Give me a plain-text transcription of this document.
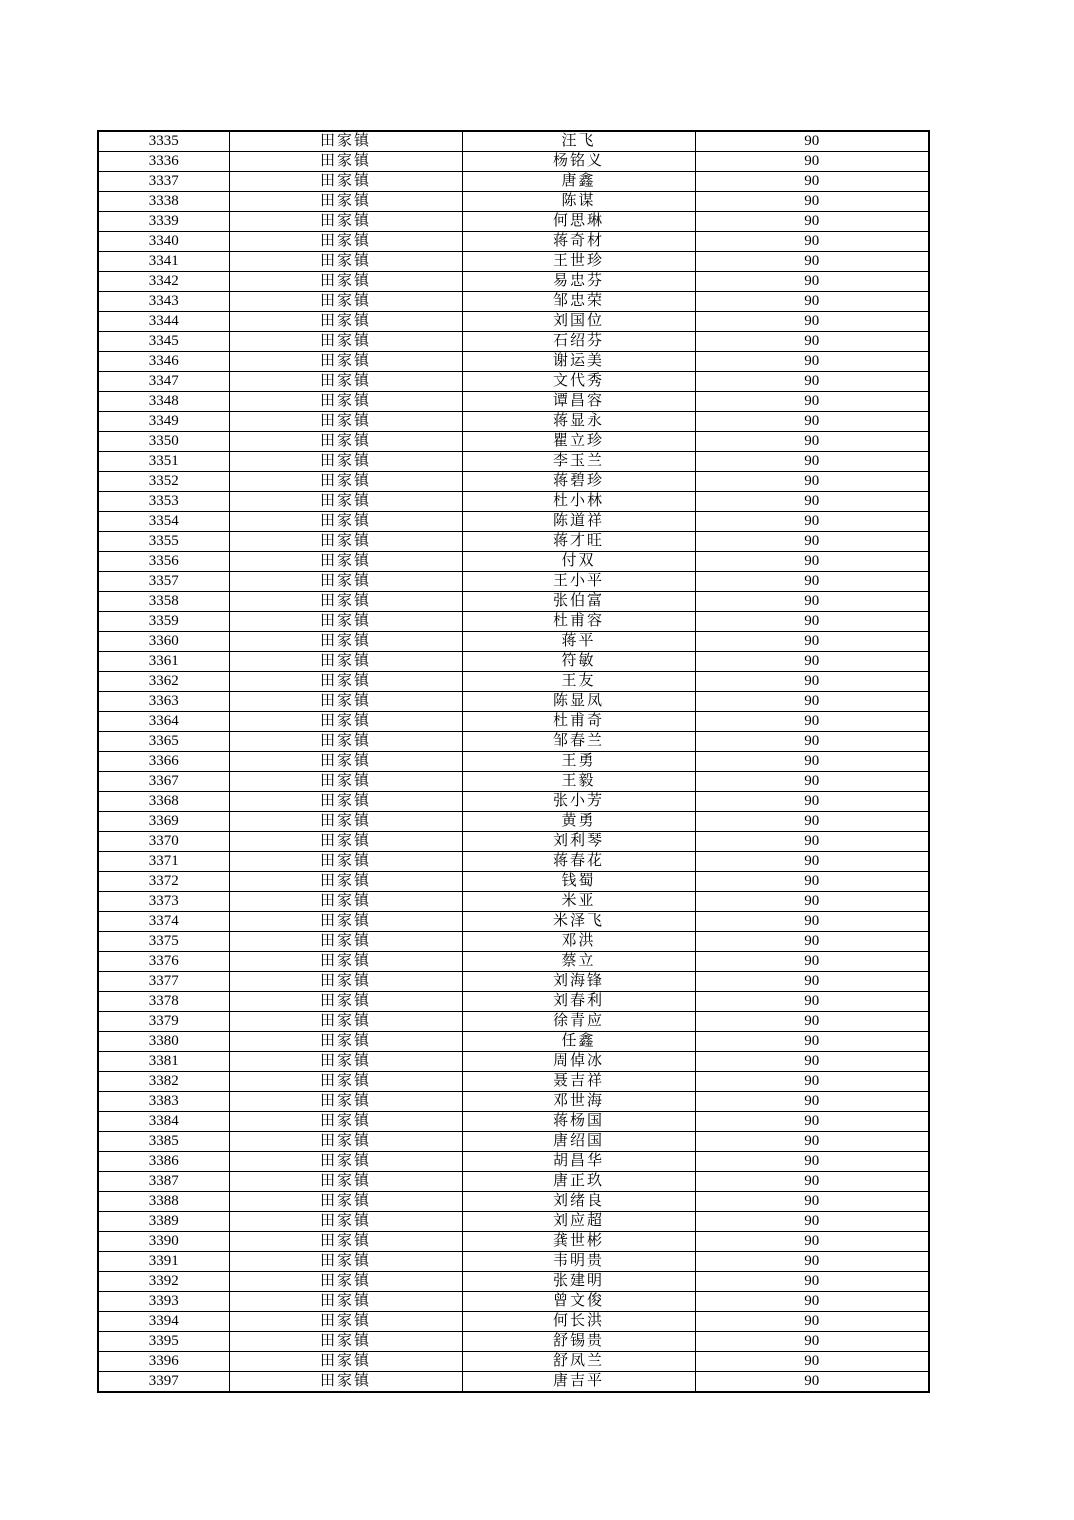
3335	田家镇	汪飞	90
3336	田家镇	杨铭义	90
3337	田家镇	唐鑫	90
3338	田家镇	陈谋	90
3339	田家镇	何思琳	90
3340	田家镇	蒋奇材	90
3341	田家镇	王世珍	90
3342	田家镇	易忠芬	90
3343	田家镇	邹忠荣	90
3344	田家镇	刘国位	90
3345	田家镇	石绍芬	90
3346	田家镇	谢运美	90
3347	田家镇	文代秀	90
3348	田家镇	谭昌容	90
3349	田家镇	蒋显永	90
3350	田家镇	瞿立珍	90
3351	田家镇	李玉兰	90
3352	田家镇	蒋碧珍	90
3353	田家镇	杜小林	90
3354	田家镇	陈道祥	90
3355	田家镇	蒋才旺	90
3356	田家镇	付双	90
3357	田家镇	王小平	90
3358	田家镇	张伯富	90
3359	田家镇	杜甫容	90
3360	田家镇	蒋平	90
3361	田家镇	符敏	90
3362	田家镇	王友	90
3363	田家镇	陈显凤	90
3364	田家镇	杜甫奇	90
3365	田家镇	邹春兰	90
3366	田家镇	王勇	90
3367	田家镇	王毅	90
3368	田家镇	张小芳	90
3369	田家镇	黄勇	90
3370	田家镇	刘利琴	90
3371	田家镇	蒋春花	90
3372	田家镇	钱蜀	90
3373	田家镇	米亚	90
3374	田家镇	米泽飞	90
3375	田家镇	邓洪	90
3376	田家镇	蔡立	90
3377	田家镇	刘海锋	90
3378	田家镇	刘春利	90
3379	田家镇	徐青应	90
3380	田家镇	任鑫	90
3381	田家镇	周倬冰	90
3382	田家镇	聂吉祥	90
3383	田家镇	邓世海	90
3384	田家镇	蒋杨国	90
3385	田家镇	唐绍国	90
3386	田家镇	胡昌华	90
3387	田家镇	唐正玖	90
3388	田家镇	刘绪良	90
3389	田家镇	刘应超	90
3390	田家镇	龚世彬	90
3391	田家镇	韦明贵	90
3392	田家镇	张建明	90
3393	田家镇	曾文俊	90
3394	田家镇	何长洪	90
3395	田家镇	舒锡贵	90
3396	田家镇	舒凤兰	90
3397	田家镇	唐吉平	90
